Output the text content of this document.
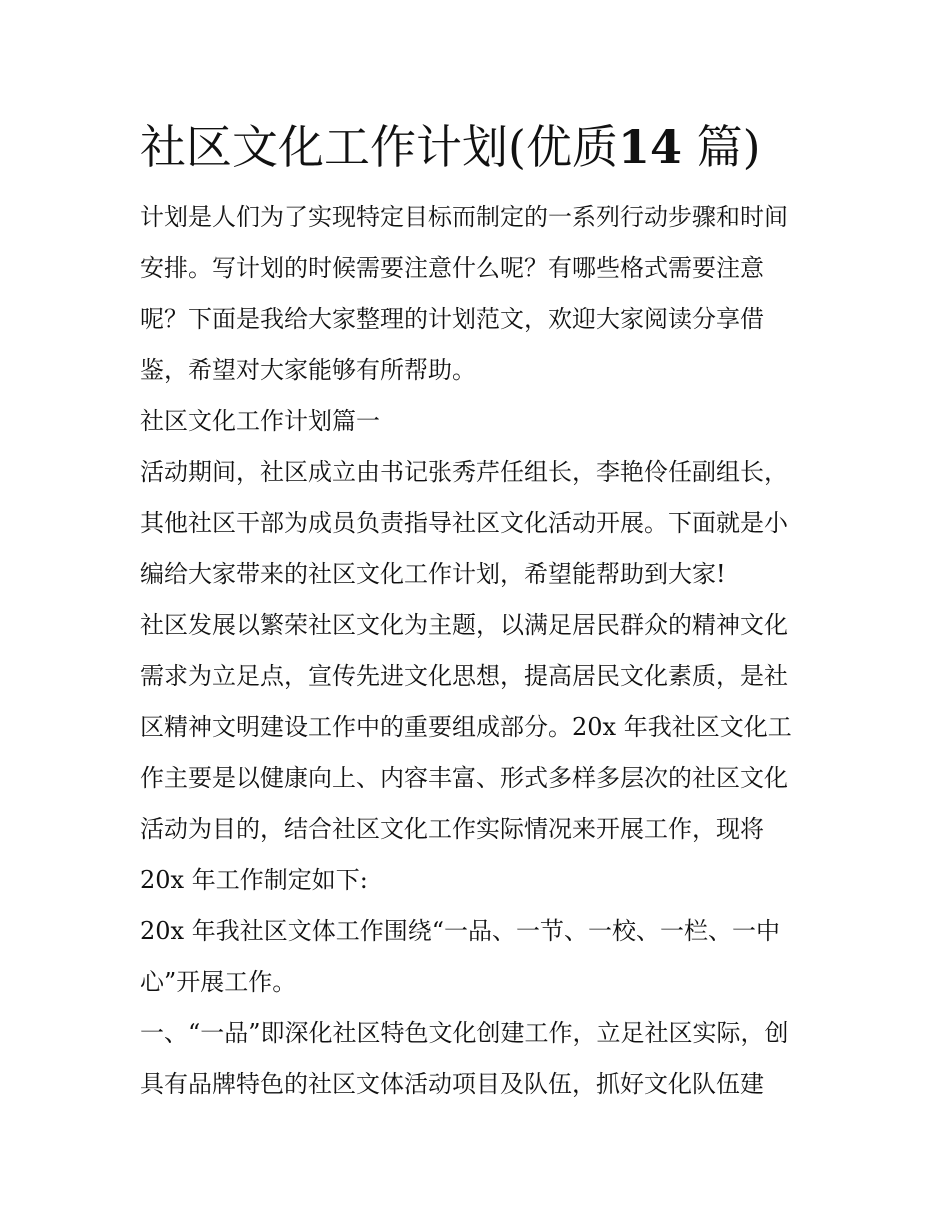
社区文化工作计划(优质14 篇)

计划是人们为了实现特定目标而制定的一系列行动步骤和时间

安排。写计划的时候需要注意什么呢？有哪些格式需要注意

呢？下面是我给大家整理的计划范文，欢迎大家阅读分享借

鉴，希望对大家能够有所帮助。

社区文化工作计划篇一

活动期间，社区成立由书记张秀芹任组长，李艳伶任副组长，

其他社区干部为成员负责指导社区文化活动开展。下面就是小

编给大家带来的社区文化工作计划，希望能帮助到大家!

社区发展以繁荣社区文化为主题，以满足居民群众的精神文化

需求为立足点，宣传先进文化思想，提高居民文化素质，是社

区精神文明建设工作中的重要组成部分。20x 年我社区文化工

作主要是以健康向上、内容丰富、形式多样多层次的社区文化

活动为目的，结合社区文化工作实际情况来开展工作，现将

20x 年工作制定如下:

20x 年我社区文体工作围绕“一品、一节、一校、一栏、一中

心”开展工作。

一、“一品”即深化社区特色文化创建工作，立足社区实际，创

具有品牌特色的社区文体活动项目及队伍，抓好文化队伍建
